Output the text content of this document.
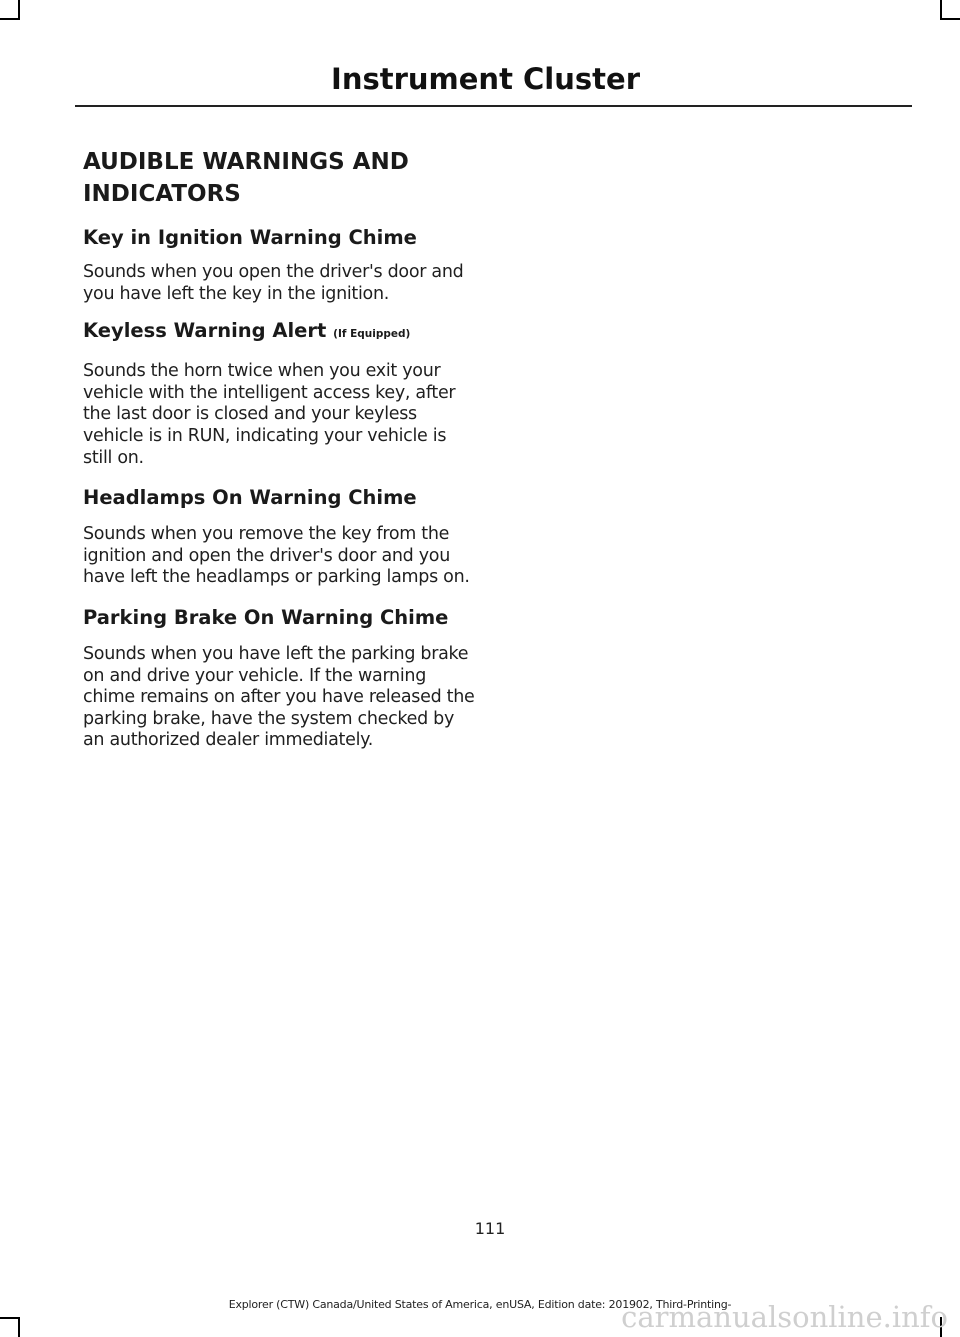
Instrument Cluster
AUDIBLE WARNINGS AND INDICATORS
Key in Ignition Warning Chime

Sounds when you open the driver's door and you have left the key in the ignition.

Keyless Warning Alert (If Equipped)

Sounds the horn twice when you exit your vehicle with the intelligent access key, after the last door is closed and your keyless vehicle is in RUN, indicating your vehicle is still on.

Headlamps On Warning Chime

Sounds when you remove the key from the ignition and open the driver's door and you have left the headlamps or parking lamps on.

Parking Brake On Warning Chime

Sounds when you have left the parking brake on and drive your vehicle. If the warning chime remains on after you have released the parking brake, have the system checked by an authorized dealer immediately.

111
Explorer (CTW) Canada/United States of America, enUSA, Edition date: 201902, Third-Printing-
carmanualsonline.info
